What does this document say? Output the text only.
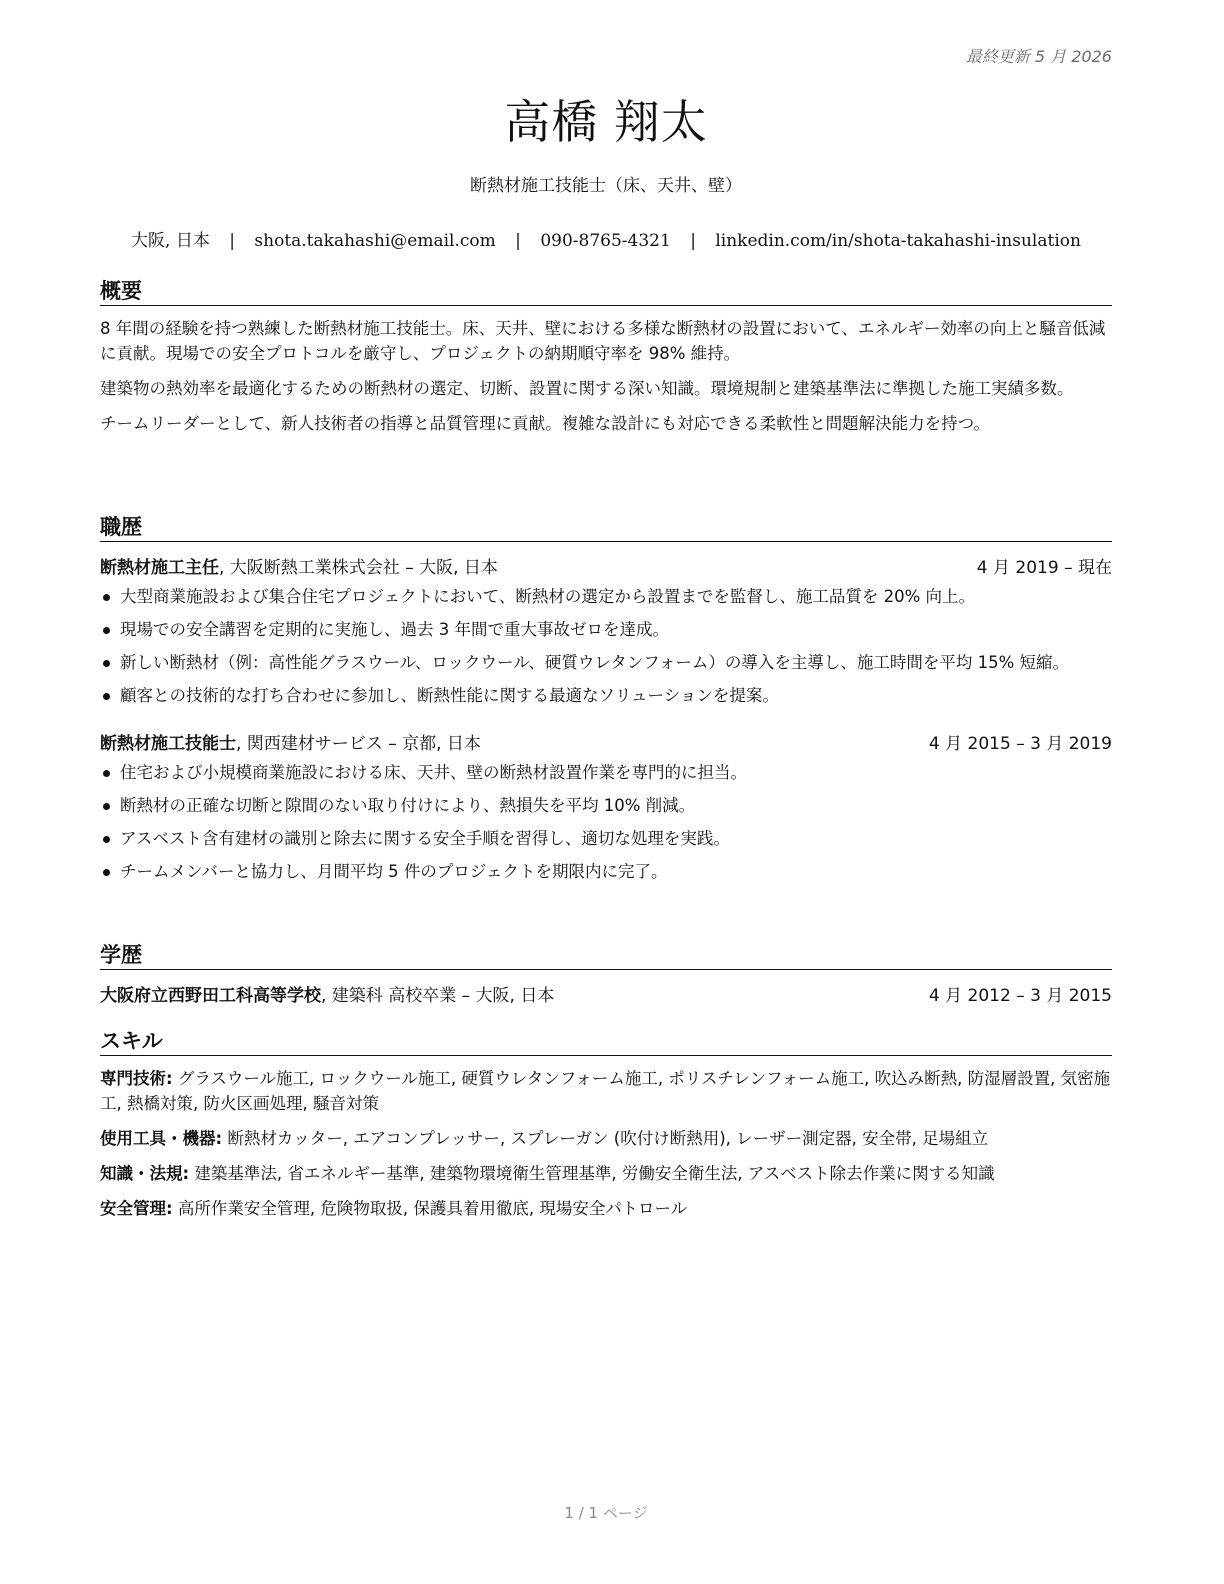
最終更新 5 月 2026
高橋 翔太
断熱材施工技能士（床、天井、壁）
大阪, 日本 | shota.takahashi@email.com | 090-8765-4321 | linkedin.com/in/shota-takahashi-insulation
概要
8 年間の経験を持つ熟練した断熱材施工技能士。床、天井、壁における多様な断熱材の設置において、エネルギー効率の向上と騒音低減に貢献。現場での安全プロトコルを厳守し、プロジェクトの納期順守率を 98% 維持。
建築物の熱効率を最適化するための断熱材の選定、切断、設置に関する深い知識。環境規制と建築基準法に準拠した施工実績多数。
チームリーダーとして、新人技術者の指導と品質管理に貢献。複雑な設計にも対応できる柔軟性と問題解決能力を持つ。
職歴
断熱材施工主任, 大阪断熱工業株式会社 – 大阪, 日本	4 月 2019 – 現在
大型商業施設および集合住宅プロジェクトにおいて、断熱材の選定から設置までを監督し、施工品質を 20% 向上。
現場での安全講習を定期的に実施し、過去 3 年間で重大事故ゼロを達成。
新しい断熱材（例：高性能グラスウール、ロックウール、硬質ウレタンフォーム）の導入を主導し、施工時間を平均 15% 短縮。
顧客との技術的な打ち合わせに参加し、断熱性能に関する最適なソリューションを提案。
断熱材施工技能士, 関西建材サービス – 京都, 日本	4 月 2015 – 3 月 2019
住宅および小規模商業施設における床、天井、壁の断熱材設置作業を専門的に担当。
断熱材の正確な切断と隙間のない取り付けにより、熱損失を平均 10% 削減。
アスベスト含有建材の識別と除去に関する安全手順を習得し、適切な処理を実践。
チームメンバーと協力し、月間平均 5 件のプロジェクトを期限内に完了。
学歴
大阪府立西野田工科高等学校, 建築科 高校卒業 – 大阪, 日本	4 月 2012 – 3 月 2015
スキル
専門技術: グラスウール施工, ロックウール施工, 硬質ウレタンフォーム施工, ポリスチレンフォーム施工, 吹込み断熱, 防湿層設置, 気密施工, 熱橋対策, 防火区画処理, 騒音対策
使用工具・機器: 断熱材カッター, エアコンプレッサー, スプレーガン (吹付け断熱用), レーザー測定器, 安全帯, 足場組立
知識・法規: 建築基準法, 省エネルギー基準, 建築物環境衛生管理基準, 労働安全衛生法, アスベスト除去作業に関する知識
安全管理: 高所作業安全管理, 危険物取扱, 保護具着用徹底, 現場安全パトロール
1 / 1 ページ
